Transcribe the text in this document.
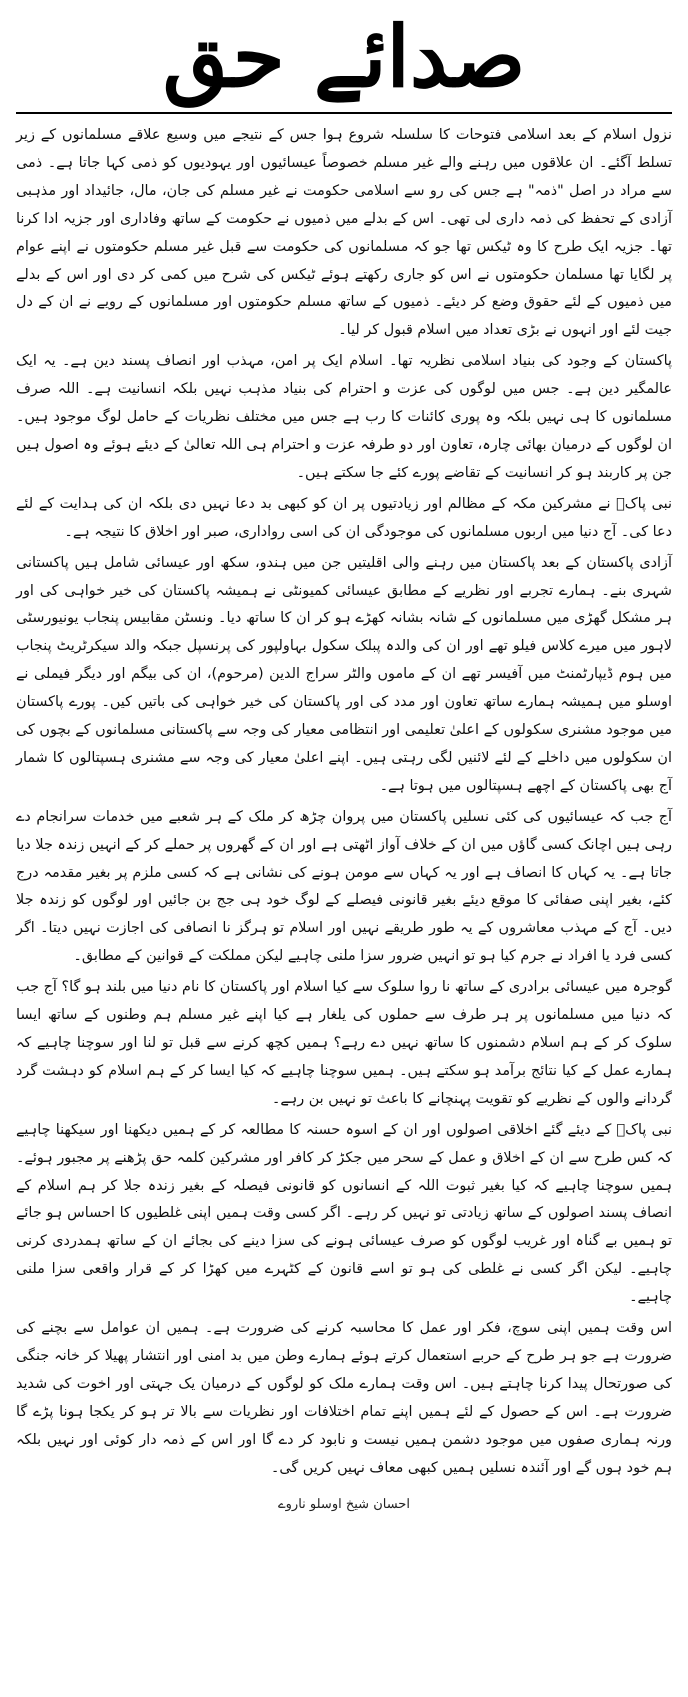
صدائے حق

نزول اسلام کے بعد اسلامی فتوحات کا سلسلہ شروع ہوا جس کے نتیجے میں وسیع علاقے مسلمانوں کے زیر تسلط آگئے۔ ان علاقوں میں رہنے والے غیر مسلم خصوصاً عیسائیوں اور یہودیوں کو ذمی کہا جاتا ہے۔ ذمی سے مراد در اصل "ذمہ" ہے جس کی رو سے اسلامی حکومت نے غیر مسلم کی جان، مال، جائیداد اور مذہبی آزادی کے تحفظ کی ذمہ داری لی تھی۔ اس کے بدلے میں ذمیوں نے حکومت کے ساتھ وفاداری اور جزیہ ادا کرنا تھا۔ جزیہ ایک طرح کا وہ ٹیکس تھا جو کہ مسلمانوں کی حکومت سے قبل غیر مسلم حکومتوں نے اپنے عوام پر لگایا تھا مسلمان حکومتوں نے اس کو جاری رکھتے ہوئے ٹیکس کی شرح میں کمی کر دی اور اس کے بدلے میں ذمیوں کے لئے حقوق وضع کر دیئے۔ ذمیوں کے ساتھ مسلم حکومتوں اور مسلمانوں کے رویے نے ان کے دل جیت لئے اور انہوں نے بڑی تعداد میں اسلام قبول کر لیا۔

پاکستان کے وجود کی بنیاد اسلامی نظریہ تھا۔ اسلام ایک پر امن، مہذب اور انصاف پسند دین ہے۔ یہ ایک عالمگیر دین ہے۔ جس میں لوگوں کی عزت و احترام کی بنیاد مذہب نہیں بلکہ انسانیت ہے۔ اللہ صرف مسلمانوں کا ہی نہیں بلکہ وہ پوری کائنات کا رب ہے جس میں مختلف نظریات کے حامل لوگ موجود ہیں۔ ان لوگوں کے درمیان بھائی چارہ، تعاون اور دو طرفہ عزت و احترام ہی اللہ تعالیٰ کے دیئے ہوئے وہ اصول ہیں جن پر کاربند ہو کر انسانیت کے تقاضے پورے کئے جا سکتے ہیں۔

نبی پاکؐ نے مشرکین مکہ کے مظالم اور زیادتیوں پر ان کو کبھی بد دعا نہیں دی بلکہ ان کی ہدایت کے لئے دعا کی۔ آج دنیا میں اربوں مسلمانوں کی موجودگی ان کی اسی رواداری، صبر اور اخلاق کا نتیجہ ہے۔

آزادی پاکستان کے بعد پاکستان میں رہنے والی اقلیتیں جن میں ہندو، سکھ اور عیسائی شامل ہیں پاکستانی شہری بنے۔ ہمارے تجربے اور نظریے کے مطابق عیسائی کمیونٹی نے ہمیشہ پاکستان کی خیر خواہی کی اور ہر مشکل گھڑی میں مسلمانوں کے شانہ بشانہ کھڑے ہو کر ان کا ساتھ دیا۔ ونسٹن مقابیس پنجاب یونیورسٹی لاہور میں میرے کلاس فیلو تھے اور ان کی والدہ پبلک سکول بہاولپور کی پرنسپل جبکہ والد سیکرٹریٹ پنجاب میں ہوم ڈیپارٹمنٹ میں آفیسر تھے ان کے ماموں والٹر سراج الدین (مرحوم)، ان کی بیگم اور دیگر فیملی نے اوسلو میں ہمیشہ ہمارے ساتھ تعاون اور مدد کی اور پاکستان کی خیر خواہی کی باتیں کیں۔ پورے پاکستان میں موجود مشنری سکولوں کے اعلیٰ تعلیمی اور انتظامی معیار کی وجہ سے پاکستانی مسلمانوں کے بچوں کی ان سکولوں میں داخلے کے لئے لائنیں لگی رہتی ہیں۔ اپنے اعلیٰ معیار کی وجہ سے مشنری ہسپتالوں کا شمار آج بھی پاکستان کے اچھے ہسپتالوں میں ہوتا ہے۔

آج جب کہ عیسائیوں کی کئی نسلیں پاکستان میں پروان چڑھ کر ملک کے ہر شعبے میں خدمات سرانجام دے رہی ہیں اچانک کسی گاؤں میں ان کے خلاف آواز اٹھتی ہے اور ان کے گھروں پر حملے کر کے انہیں زندہ جلا دیا جاتا ہے۔ یہ کہاں کا انصاف ہے اور یہ کہاں سے مومن ہونے کی نشانی ہے کہ کسی ملزم پر بغیر مقدمہ درج کئے، بغیر اپنی صفائی کا موقع دیئے بغیر قانونی فیصلے کے لوگ خود ہی جج بن جائیں اور لوگوں کو زندہ جلا دیں۔ آج کے مہذب معاشروں کے یہ طور طریقے نہیں اور اسلام تو ہرگز نا انصافی کی اجازت نہیں دیتا۔ اگر کسی فرد یا افراد نے جرم کیا ہو تو انہیں ضرور سزا ملنی چاہیے لیکن مملکت کے قوانین کے مطابق۔

گوجرہ میں عیسائی برادری کے ساتھ نا روا سلوک سے کیا اسلام اور پاکستان کا نام دنیا میں بلند ہو گا؟ آج جب کہ دنیا میں مسلمانوں پر ہر طرف سے حملوں کی یلغار ہے کیا اپنے غیر مسلم ہم وطنوں کے ساتھ ایسا سلوک کر کے ہم اسلام دشمنوں کا ساتھ نہیں دے رہے؟ ہمیں کچھ کرنے سے قبل تو لنا اور سوچنا چاہیے کہ ہمارے عمل کے کیا نتائج برآمد ہو سکتے ہیں۔ ہمیں سوچنا چاہیے کہ کیا ایسا کر کے ہم اسلام کو دہشت گرد گردانے والوں کے نظریے کو تقویت پہنچانے کا باعث تو نہیں بن رہے۔

نبی پاکؐ کے دیئے گئے اخلاقی اصولوں اور ان کے اسوہ حسنہ کا مطالعہ کر کے ہمیں دیکھنا اور سیکھنا چاہیے کہ کس طرح سے ان کے اخلاق و عمل کے سحر میں جکڑ کر کافر اور مشرکین کلمہ حق پڑھنے پر مجبور ہوئے۔ ہمیں سوچنا چاہیے کہ کیا بغیر ثبوت اللہ کے انسانوں کو قانونی فیصلہ کے بغیر زندہ جلا کر ہم اسلام کے انصاف پسند اصولوں کے ساتھ زیادتی تو نہیں کر رہے۔ اگر کسی وقت ہمیں اپنی غلطیوں کا احساس ہو جائے تو ہمیں بے گناہ اور غریب لوگوں کو صرف عیسائی ہونے کی سزا دینے کی بجائے ان کے ساتھ ہمدردی کرنی چاہیے۔ لیکن اگر کسی نے غلطی کی ہو تو اسے قانون کے کٹہرے میں کھڑا کر کے قرار واقعی سزا ملنی چاہیے۔

اس وقت ہمیں اپنی سوچ، فکر اور عمل کا محاسبہ کرنے کی ضرورت ہے۔ ہمیں ان عوامل سے بچنے کی ضرورت ہے جو ہر طرح کے حربے استعمال کرتے ہوئے ہمارے وطن میں بد امنی اور انتشار پھیلا کر خانہ جنگی کی صورتحال پیدا کرنا چاہتے ہیں۔ اس وقت ہمارے ملک کو لوگوں کے درمیان یک جہتی اور اخوت کی شدید ضرورت ہے۔ اس کے حصول کے لئے ہمیں اپنے تمام اختلافات اور نظریات سے بالا تر ہو کر یکجا ہونا پڑے گا ورنہ ہماری صفوں میں موجود دشمن ہمیں نیست و نابود کر دے گا اور اس کے ذمہ دار کوئی اور نہیں بلکہ ہم خود ہوں گے اور آئندہ نسلیں ہمیں کبھی معاف نہیں کریں گی۔

احسان شیخ اوسلو ناروے
